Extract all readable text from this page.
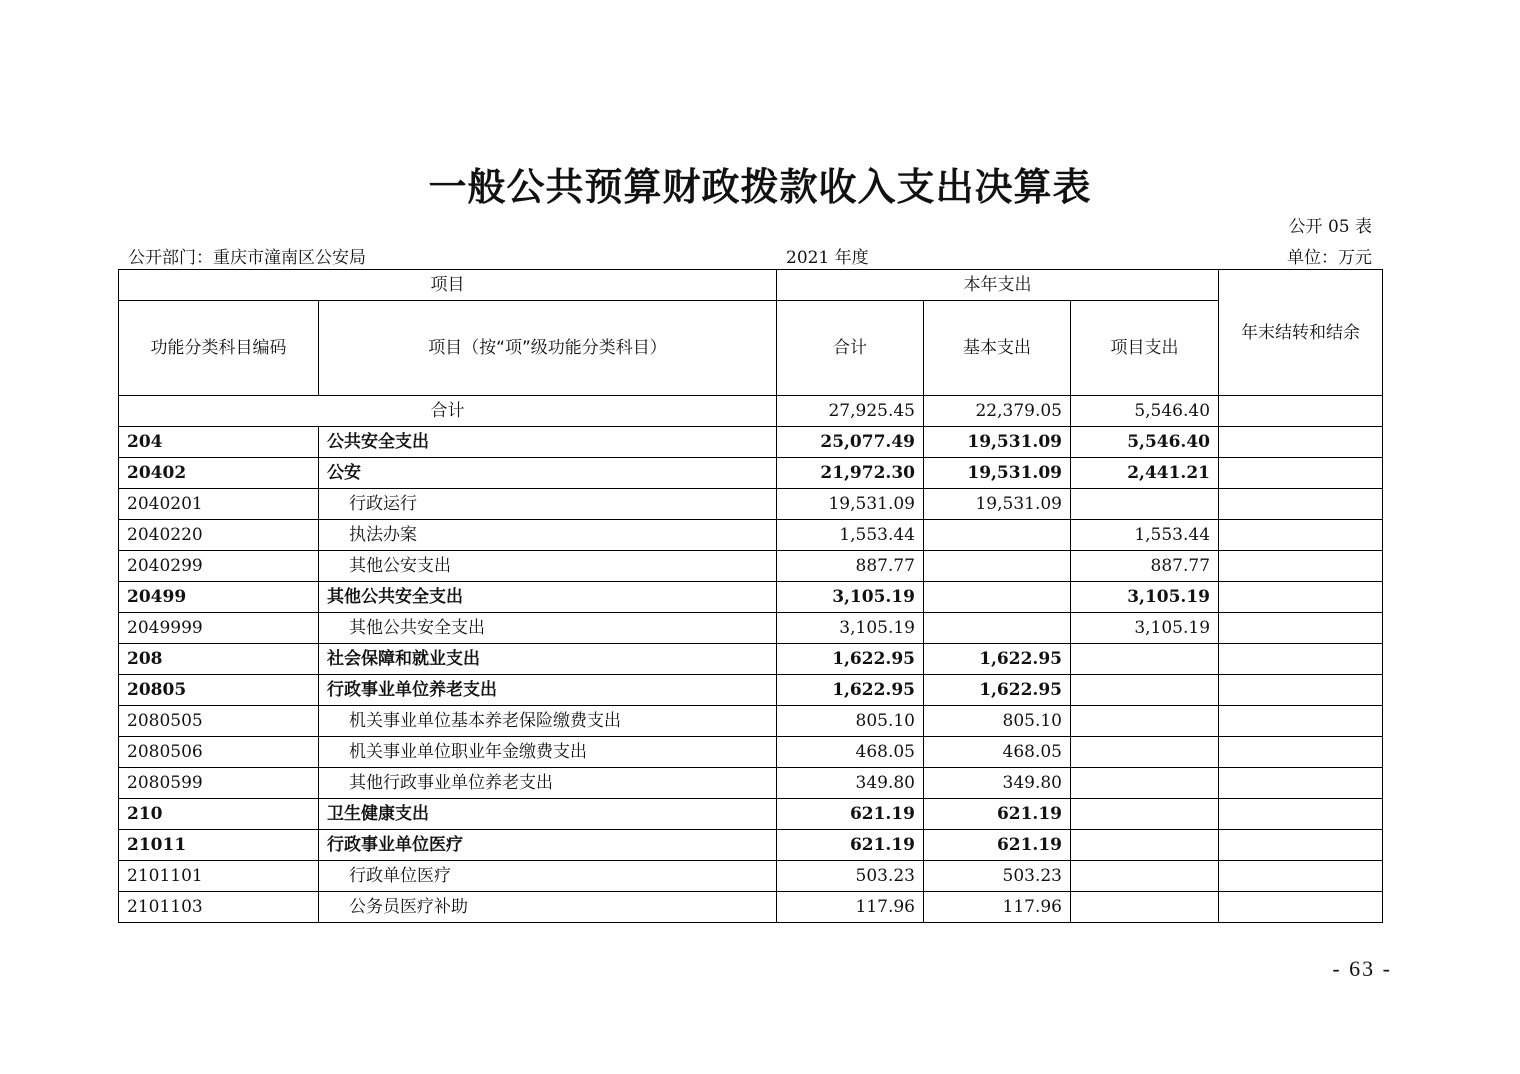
一般公共预算财政拨款收入支出决算表
公开 05 表
公开部门：重庆市潼南区公安局	2021 年度	单位：万元
项目		本年支出			年末结转和结余
功能分类科目编码	项目（按“项”级功能分类科目）	合计	基本支出	项目支出	
合计		27,925.45	22,379.05	5,546.40	
204	公共安全支出	25,077.49	19,531.09	5,546.40	
20402	公安	21,972.30	19,531.09	2,441.21	
2040201	行政运行	19,531.09	19,531.09		
2040220	执法办案	1,553.44		1,553.44	
2040299	其他公安支出	887.77		887.77	
20499	其他公共安全支出	3,105.19		3,105.19	
2049999	其他公共安全支出	3,105.19		3,105.19	
208	社会保障和就业支出	1,622.95	1,622.95		
20805	行政事业单位养老支出	1,622.95	1,622.95		
2080505	机关事业单位基本养老保险缴费支出	805.10	805.10		
2080506	机关事业单位职业年金缴费支出	468.05	468.05		
2080599	其他行政事业单位养老支出	349.80	349.80		
210	卫生健康支出	621.19	621.19		
21011	行政事业单位医疗	621.19	621.19		
2101101	行政单位医疗	503.23	503.23		
2101103	公务员医疗补助	117.96	117.96		
- 63 -
